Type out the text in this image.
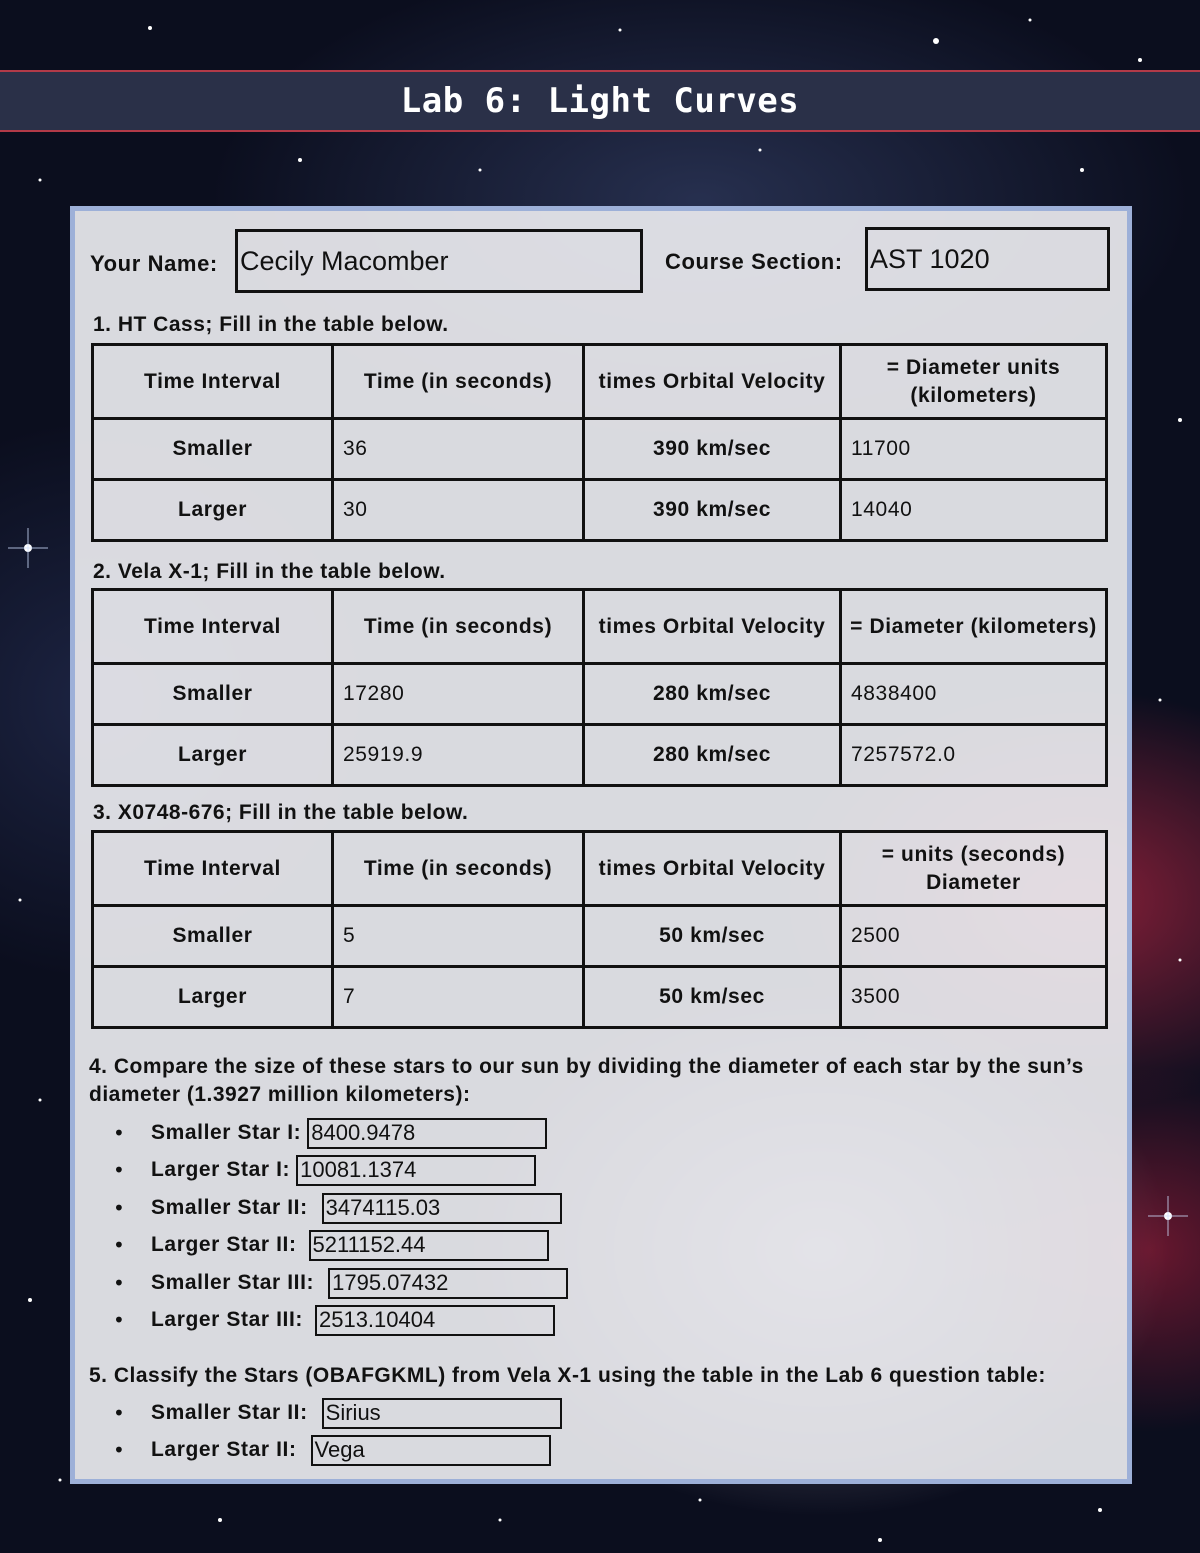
Lab 6: Light Curves
Your Name: Cecily Macomber	Course Section: AST 1020
1. HT Cass; Fill in the table below.
Time Interval	Time (in seconds)	times Orbital Velocity	= Diameter units (kilometers)
Smaller	36	390 km/sec	11700
Larger	30	390 km/sec	14040
2. Vela X-1; Fill in the table below.
Time Interval	Time (in seconds)	times Orbital Velocity	= Diameter (kilometers)
Smaller	17280	280 km/sec	4838400
Larger	25919.9	280 km/sec	7257572.0
3. X0748-676; Fill in the table below.
Time Interval	Time (in seconds)	times Orbital Velocity	= units (seconds) Diameter
Smaller	5	50 km/sec	2500
Larger	7	50 km/sec	3500
4. Compare the size of these stars to our sun by dividing the diameter of each star by the sun’s diameter (1.3927 million kilometers):
•	Smaller Star I: 8400.9478
•	Larger Star I: 10081.1374
•	Smaller Star II: 3474115.03
•	Larger Star II: 5211152.44
•	Smaller Star III: 1795.07432
•	Larger Star III: 2513.10404
5. Classify the Stars (OBAFGKML) from Vela X-1 using the table in the Lab 6 question table:
•	Smaller Star II: Sirius
•	Larger Star II: Vega
